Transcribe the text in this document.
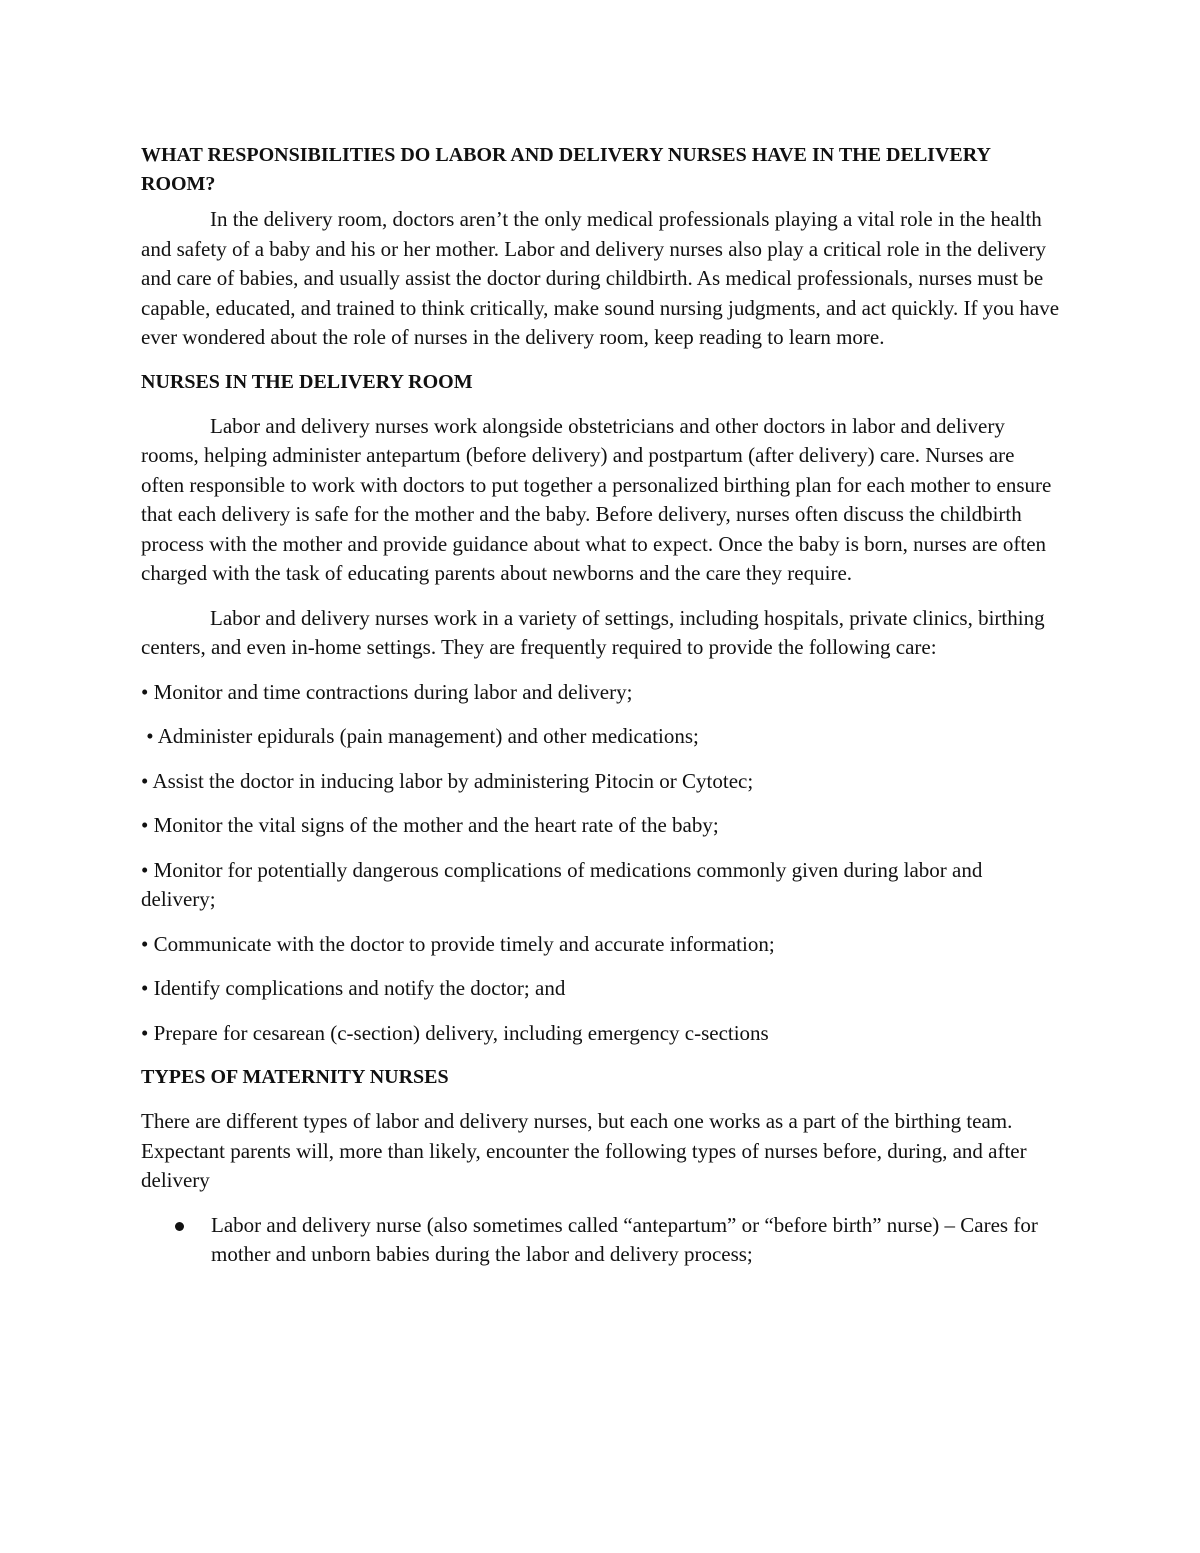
WHAT RESPONSIBILITIES DO LABOR AND DELIVERY NURSES HAVE IN THE DELIVERY ROOM?

In the delivery room, doctors aren’t the only medical professionals playing a vital role in the health and safety of a baby and his or her mother. Labor and delivery nurses also play a critical role in the delivery and care of babies, and usually assist the doctor during childbirth. As medical professionals, nurses must be capable, educated, and trained to think critically, make sound nursing judgments, and act quickly. If you have ever wondered about the role of nurses in the delivery room, keep reading to learn more.

NURSES IN THE DELIVERY ROOM

Labor and delivery nurses work alongside obstetricians and other doctors in labor and delivery rooms, helping administer antepartum (before delivery) and postpartum (after delivery) care. Nurses are often responsible to work with doctors to put together a personalized birthing plan for each mother to ensure that each delivery is safe for the mother and the baby. Before delivery, nurses often discuss the childbirth process with the mother and provide guidance about what to expect. Once the baby is born, nurses are often charged with the task of educating parents about newborns and the care they require.

Labor and delivery nurses work in a variety of settings, including hospitals, private clinics, birthing centers, and even in-home settings. They are frequently required to provide the following care:

• Monitor and time contractions during labor and delivery;
• Administer epidurals (pain management) and other medications;
• Assist the doctor in inducing labor by administering Pitocin or Cytotec;
• Monitor the vital signs of the mother and the heart rate of the baby;
• Monitor for potentially dangerous complications of medications commonly given during labor and delivery;
• Communicate with the doctor to provide timely and accurate information;
• Identify complications and notify the doctor; and
• Prepare for cesarean (c-section) delivery, including emergency c-sections
TYPES OF MATERNITY NURSES

There are different types of labor and delivery nurses, but each one works as a part of the birthing team. Expectant parents will, more than likely, encounter the following types of nurses before, during, and after delivery

Labor and delivery nurse (also sometimes called “antepartum” or “before birth” nurse) – Cares for mother and unborn babies during the labor and delivery process;
